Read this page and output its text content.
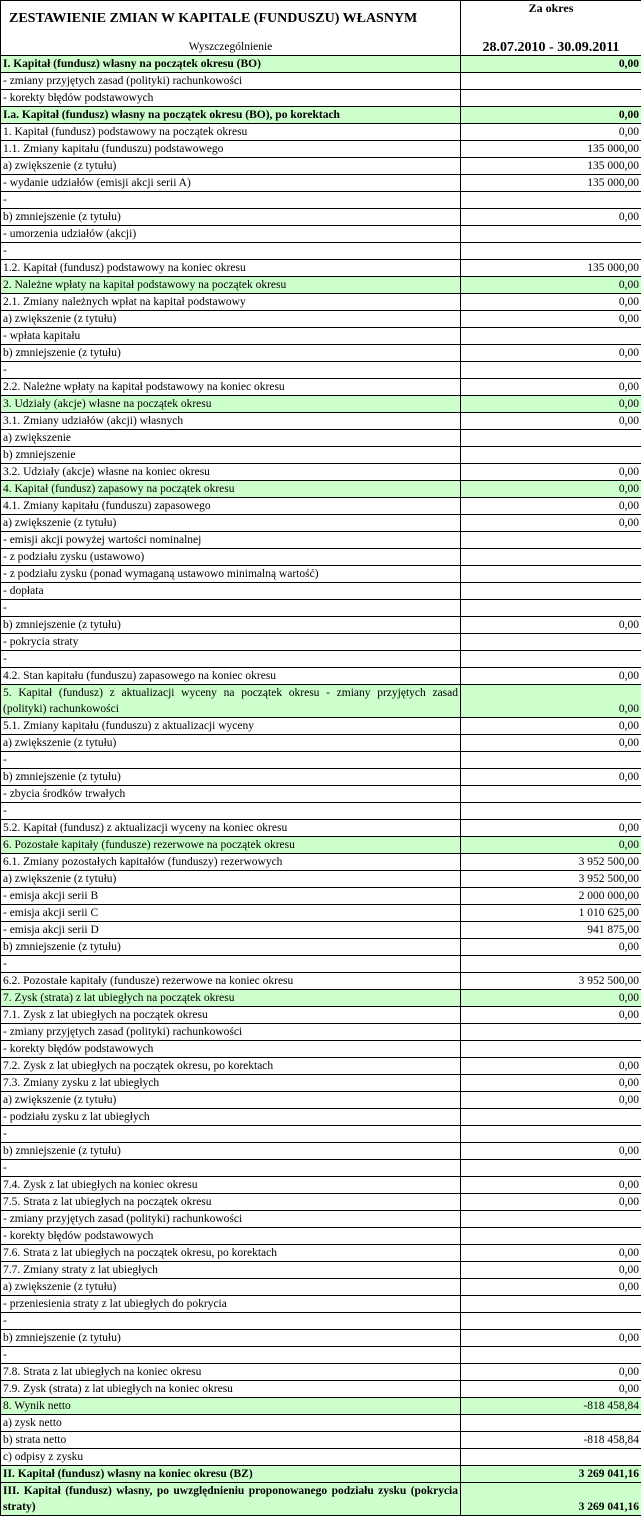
ZESTAWIENIE ZMIAN W KAPITALE (FUNDUSZU) WŁASNYM	Za okres
Wyszczególnienie	28.07.2010 - 30.09.2011
I. Kapitał (fundusz) własny na początek okresu (BO)	0,00
- zmiany przyjętych zasad (polityki) rachunkowości	
- korekty błędów podstawowych	
I.a. Kapitał (fundusz) własny na początek okresu (BO), po korektach	0,00
1. Kapitał (fundusz) podstawowy na początek okresu	0,00
1.1. Zmiany kapitału (funduszu) podstawowego	135 000,00
a) zwiększenie (z tytułu)	135 000,00
- wydanie udziałów (emisji akcji serii A)	135 000,00
-	
b) zmniejszenie (z tytułu)	0,00
- umorzenia udziałów (akcji)	
-	
1.2. Kapitał (fundusz) podstawowy na koniec okresu	135 000,00
2. Należne wpłaty na kapitał podstawowy na początek okresu	0,00
2.1. Zmiany należnych wpłat na kapitał podstawowy	0,00
a) zwiększenie (z tytułu)	0,00
- wpłata kapitału	
b) zmniejszenie (z tytułu)	0,00
-	
2.2. Należne wpłaty na kapitał podstawowy na koniec okresu	0,00
3. Udziały (akcje) własne na początek okresu	0,00
3.1. Zmiany udziałów (akcji) własnych	0,00
a) zwiększenie	
b) zmniejszenie	
3.2. Udziały (akcje) własne na koniec okresu	0,00
4. Kapitał (fundusz) zapasowy na początek okresu	0,00
4.1. Zmiany kapitału (funduszu) zapasowego	0,00
a) zwiększenie (z tytułu)	0,00
- emisji akcji powyżej wartości nominalnej	
- z podziału zysku (ustawowo)	
- z podziału zysku (ponad wymaganą ustawowo minimalną wartość)	
- dopłata	
-	
b) zmniejszenie (z tytułu)	0,00
- pokrycia straty	
-	
4.2. Stan kapitału (funduszu) zapasowego na koniec okresu	0,00
5. Kapitał (fundusz) z aktualizacji wyceny na początek okresu - zmiany przyjętych zasad (polityki) rachunkowości	0,00
5.1. Zmiany kapitału (funduszu) z aktualizacji wyceny	0,00
a) zwiększenie (z tytułu)	0,00
-	
b) zmniejszenie (z tytułu)	0,00
- zbycia środków trwałych	
-	
5.2. Kapitał (fundusz) z aktualizacji wyceny na koniec okresu	0,00
6. Pozostałe kapitały (fundusze) rezerwowe na początek okresu	0,00
6.1. Zmiany pozostałych kapitałów (funduszy) rezerwowych	3 952 500,00
a) zwiększenie (z tytułu)	3 952 500,00
- emisja akcji serii B	2 000 000,00
- emisja akcji serii C	1 010 625,00
- emisja akcji serii D	941 875,00
b) zmniejszenie (z tytułu)	0,00
-	
6.2. Pozostałe kapitały (fundusze) rezerwowe na koniec okresu	3 952 500,00
7. Zysk (strata) z lat ubiegłych na początek okresu	0,00
7.1. Zysk z lat ubiegłych na początek okresu	0,00
- zmiany przyjętych zasad (polityki) rachunkowości	
- korekty błędów podstawowych	
7.2. Zysk z lat ubiegłych na początek okresu, po korektach	0,00
7.3. Zmiany zysku z lat ubiegłych	0,00
a) zwiększenie (z tytułu)	0,00
- podziału zysku z lat ubiegłych	
-	
b) zmniejszenie (z tytułu)	0,00
-	
7.4. Zysk z lat ubiegłych na koniec okresu	0,00
7.5. Strata z lat ubiegłych na początek okresu	0,00
- zmiany przyjętych zasad (polityki) rachunkowości	
- korekty błędów podstawowych	
7.6. Strata z lat ubiegłych na początek okresu, po korektach	0,00
7.7. Zmiany straty z lat ubiegłych	0,00
a) zwiększenie (z tytułu)	0,00
- przeniesienia straty z lat ubiegłych do pokrycia	
-	
b) zmniejszenie (z tytułu)	0,00
-	
7.8. Strata z lat ubiegłych na koniec okresu	0,00
7.9. Zysk (strata) z lat ubiegłych na koniec okresu	0,00
8. Wynik netto	-818 458,84
a) zysk netto	
b) strata netto	-818 458,84
c) odpisy z zysku	
II. Kapitał (fundusz) własny na koniec okresu (BZ)	3 269 041,16
III. Kapitał (fundusz) własny, po uwzględnieniu proponowanego podziału zysku (pokrycia straty)	3 269 041,16
